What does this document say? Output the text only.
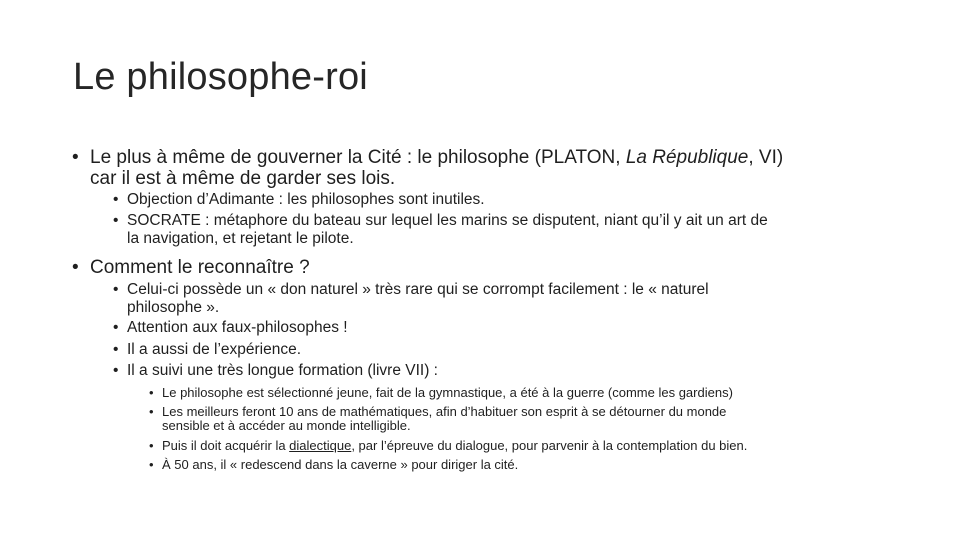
Le philosophe-roi
• Le plus à même de gouverner la Cité : le philosophe (PLATON, La République, VI)
car il est à même de garder ses lois.
• Objection d’Adimante : les philosophes sont inutiles.
• SOCRATE : métaphore du bateau sur lequel les marins se disputent, niant qu’il y ait un art de
la navigation, et rejetant le pilote.
• Comment le reconnaître ?
• Celui-ci possède un « don naturel » très rare qui se corrompt facilement : le « naturel
philosophe ».
• Attention aux faux-philosophes !
• Il a aussi de l’expérience.
• Il a suivi une très longue formation (livre VII) :
• Le philosophe est sélectionné jeune, fait de la gymnastique, a été à la guerre (comme les gardiens)
• Les meilleurs feront 10 ans de mathématiques, afin d’habituer son esprit à se détourner du monde
sensible et à accéder au monde intelligible.
• Puis il doit acquérir la dialectique, par l’épreuve du dialogue, pour parvenir à la contemplation du bien.
• À 50 ans, il « redescend dans la caverne » pour diriger la cité.
